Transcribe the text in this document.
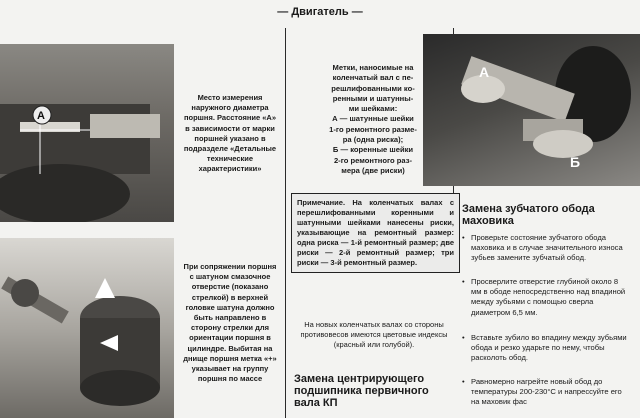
— Двигатель —
А
Место измерения наружного диаметра поршня. Расстояние «А» в зависимости от марки поршней указано в подразделе «Детальные технические характеристики»
При сопряжении поршня с шатуном смазочное отверстие (показано стрелкой) в верхней головке шатуна должно быть направлено в сторону стрелки для ориентации поршня в цилиндре. Выбитая на днище поршня метка «+» указывает на группу поршня по массе
Метки, наносимые на
коленчатый вал с пе-
решлифованными ко-
ренными и шатунны-
ми шейками:
А — шатунные шейки
1-го ремонтного разме-
ра (одна риска);
Б — коренные шейки
2-го ремонтного раз-
мера (две риски)
Примечание. На коленчатых валах с перешлифованными коренными и шатунными шейками нанесены риски, указывающие на ремонтный размер: одна риска — 1-й ремонтный размер; две риски — 2-й ремонтный размер; три риски — 3-й ремонтный размер.
На новых коленчатых валах со стороны противовесов имеются цветовые индексы (красный или голубой).
Замена центрирующего подшипника первичного вала КП
А
Б
Замена зубчатого обода маховика
• Проверьте состояние зубчатого обода маховика и в случае значительного износа зубьев замените зубчатый обод.
• Просверлите отверстие глубиной около 8 мм в ободе непосредственно над впадиной между зубьями с помощью сверла диаметром 6,5 мм.
• Вставьте зубило во впадину между зубьями обода и резко ударьте по нему, чтобы расколоть обод.
• Равномерно нагрейте новый обод до температуры 200-230°С и напрессуйте его на маховик фас
